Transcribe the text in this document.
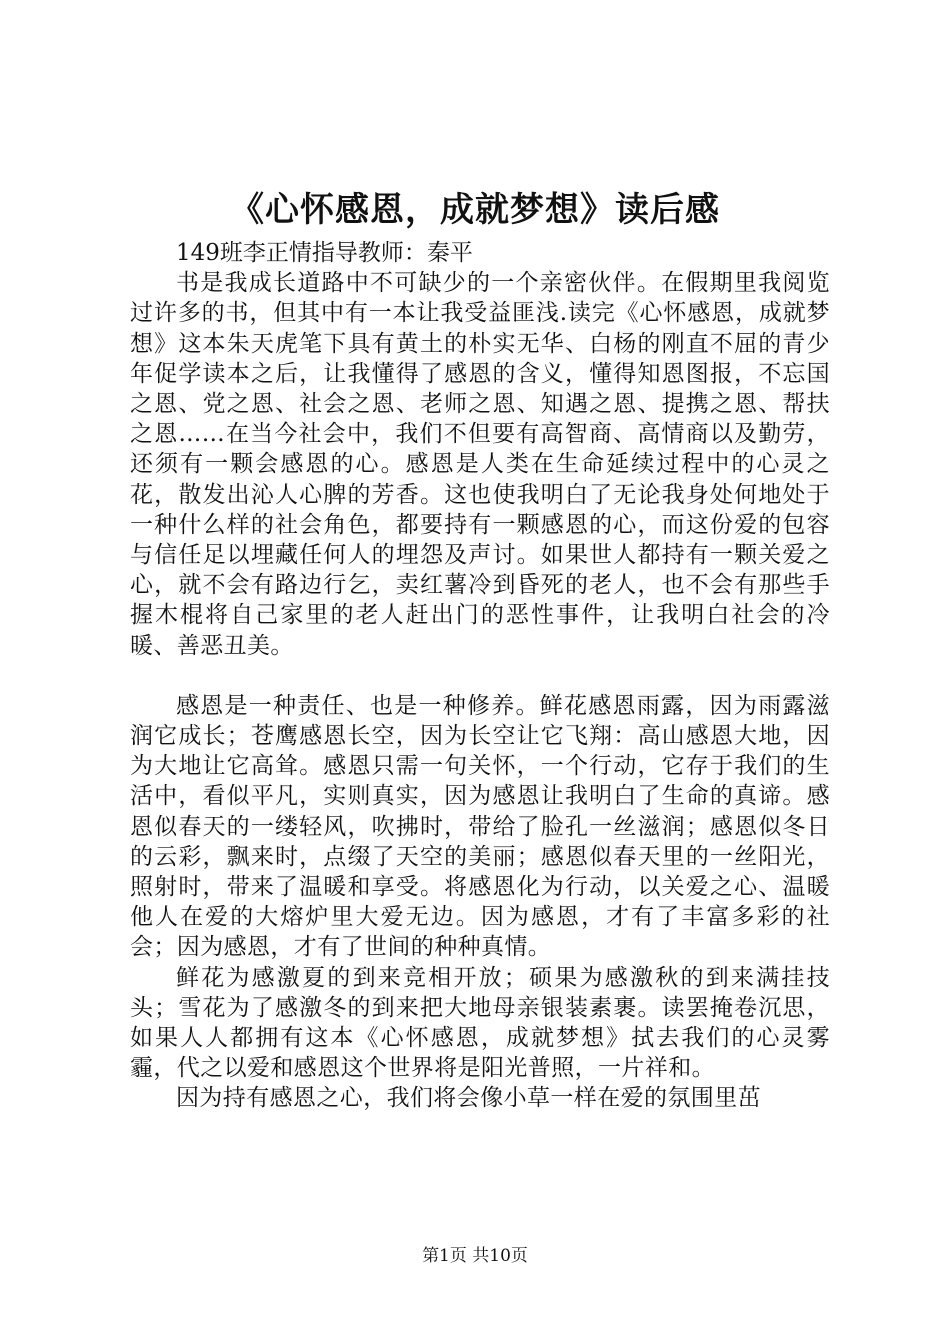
《心怀感恩，成就梦想》读后感

149班李正情指导教师：秦平

书是我成长道路中不可缺少的一个亲密伙伴。在假期里我阅览过许多的书，但其中有一本让我受益匪浅.读完《心怀感恩，成就梦想》这本朱天虎笔下具有黄土的朴实无华、白杨的刚直不屈的青少年促学读本之后，让我懂得了感恩的含义，懂得知恩图报，不忘国之恩、党之恩、社会之恩、老师之恩、知遇之恩、提携之恩、帮扶之恩……在当今社会中，我们不但要有高智商、高情商以及勤劳，还须有一颗会感恩的心。感恩是人类在生命延续过程中的心灵之花，散发出沁人心脾的芳香。这也使我明白了无论我身处何地处于一种什么样的社会角色，都要持有一颗感恩的心，而这份爱的包容与信任足以埋藏任何人的埋怨及声讨。如果世人都持有一颗关爱之心，就不会有路边行乞，卖红薯冷到昏死的老人，也不会有那些手握木棍将自己家里的老人赶出门的恶性事件，让我明白社会的冷暖、善恶丑美。

感恩是一种责任、也是一种修养。鲜花感恩雨露，因为雨露滋润它成长；苍鹰感恩长空，因为长空让它飞翔：高山感恩大地，因为大地让它高耸。感恩只需一句关怀，一个行动，它存于我们的生活中，看似平凡，实则真实，因为感恩让我明白了生命的真谛。感恩似春天的一缕轻风，吹拂时，带给了脸孔一丝滋润；感恩似冬日的云彩，飘来时，点缀了天空的美丽；感恩似春天里的一丝阳光，照射时，带来了温暖和享受。将感恩化为行动，以关爱之心、温暖他人在爱的大熔炉里大爱无边。因为感恩，才有了丰富多彩的社会；因为感恩，才有了世间的种种真情。

鲜花为感激夏的到来竞相开放；硕果为感激秋的到来满挂技头；雪花为了感激冬的到来把大地母亲银装素裹。读罢掩卷沉思，如果人人都拥有这本《心怀感恩，成就梦想》拭去我们的心灵雾霾，代之以爱和感恩这个世界将是阳光普照，一片祥和。

因为持有感恩之心，我们将会像小草一样在爱的氛围里茁

第1页 共10页
